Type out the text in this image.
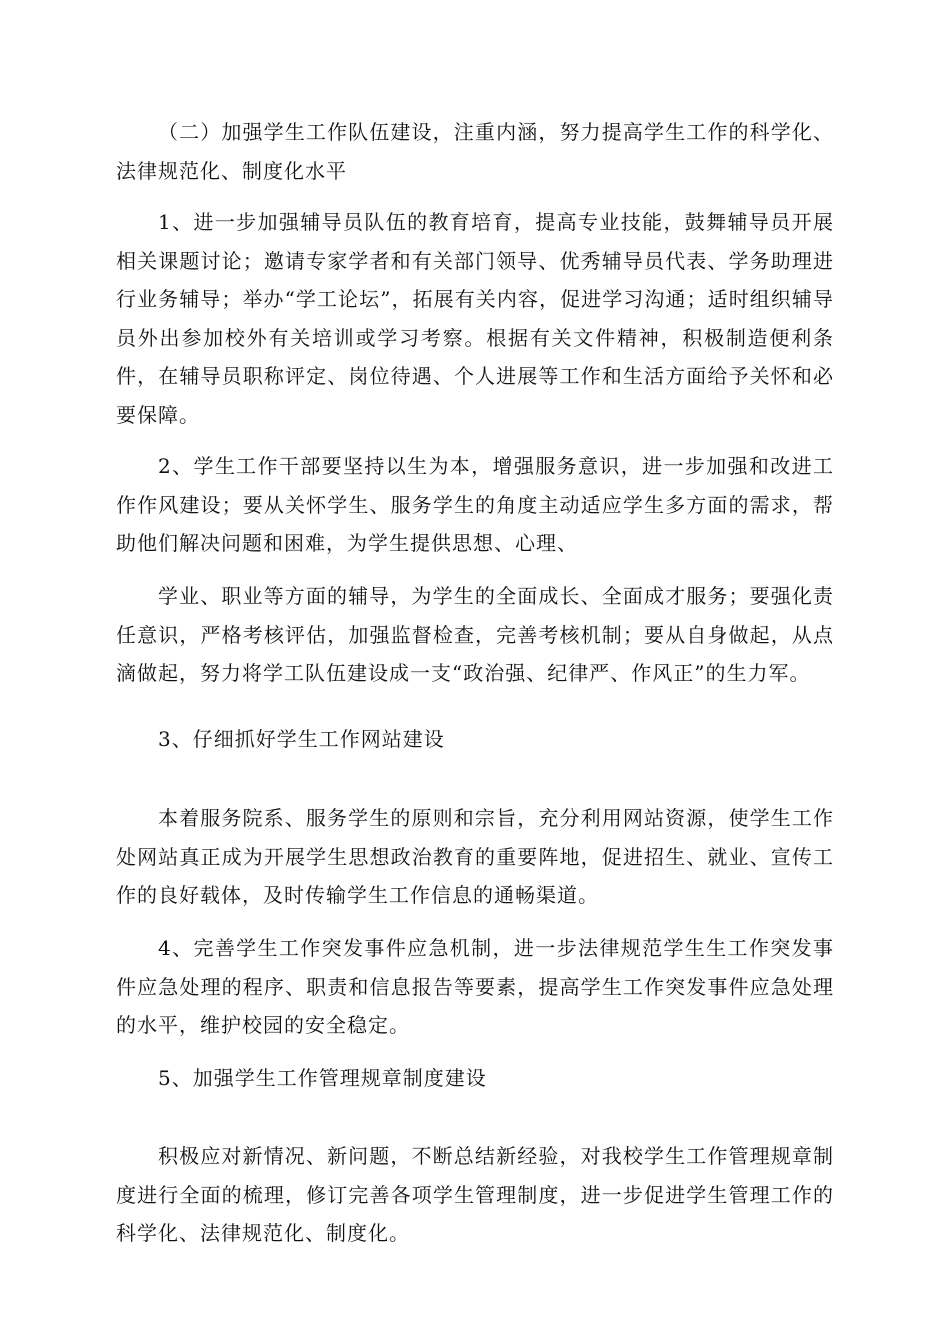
（二）加强学生工作队伍建设，注重内涵，努力提高学生工作的科学化、法律规范化、制度化水平

1、进一步加强辅导员队伍的教育培育，提高专业技能，鼓舞辅导员开展相关课题讨论；邀请专家学者和有关部门领导、优秀辅导员代表、学务助理进行业务辅导；举办“学工论坛”，拓展有关内容，促进学习沟通；适时组织辅导员外出参加校外有关培训或学习考察。根据有关文件精神，积极制造便利条件，在辅导员职称评定、岗位待遇、个人进展等工作和生活方面给予关怀和必要保障。

2、学生工作干部要坚持以生为本，增强服务意识，进一步加强和改进工作作风建设；要从关怀学生、服务学生的角度主动适应学生多方面的需求，帮助他们解决问题和困难，为学生提供思想、心理、

学业、职业等方面的辅导，为学生的全面成长、全面成才服务；要强化责任意识，严格考核评估，加强监督检查，完善考核机制；要从自身做起，从点滴做起，努力将学工队伍建设成一支“政治强、纪律严、作风正”的生力军。

3、仔细抓好学生工作网站建设

本着服务院系、服务学生的原则和宗旨，充分利用网站资源，使学生工作处网站真正成为开展学生思想政治教育的重要阵地，促进招生、就业、宣传工作的良好载体，及时传输学生工作信息的通畅渠道。

4、完善学生工作突发事件应急机制，进一步法律规范学生生工作突发事件应急处理的程序、职责和信息报告等要素，提高学生工作突发事件应急处理的水平，维护校园的安全稳定。

5、加强学生工作管理规章制度建设

积极应对新情况、新问题，不断总结新经验，对我校学生工作管理规章制度进行全面的梳理，修订完善各项学生管理制度，进一步促进学生管理工作的科学化、法律规范化、制度化。
